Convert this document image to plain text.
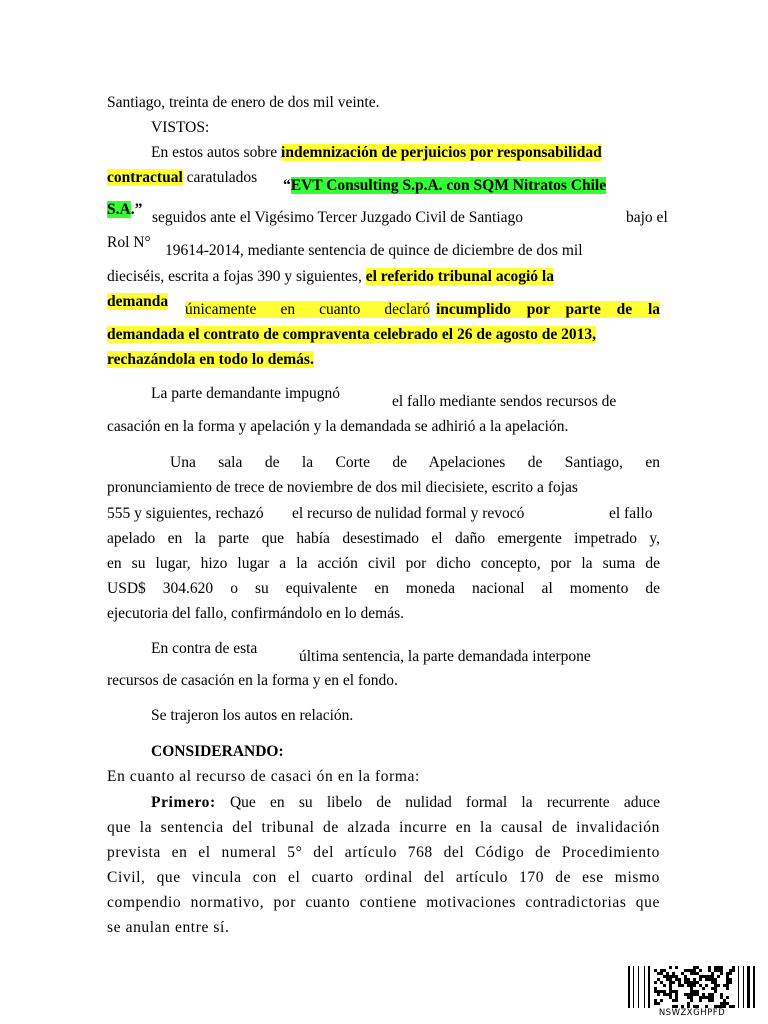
Santiago, treinta de enero de dos mil veinte.
VISTOS:
En estos autos sobre indemnización de perjuicios por responsabilidad
contractual caratulados “EVT Consulting S.p.A. con SQM Nitratos Chile
S.A.” seguidos ante el Vigésimo Tercer Juzgado Civil de Santiago	bajo el
Rol N° 19614-2014, mediante sentencia de quince de diciembre de dos mil
dieciséis, escrita a fojas 390 y siguientes, el referido tribunal acogió la
demanda únicamente en cuanto declaró incumplido por parte de la
demandada el contrato de compraventa celebrado el 26 de agosto de 2013,
rechazándola en todo lo demás.
La parte demandante impugnó	el fallo mediante sendos recursos de
casación en la forma y apelación y la demandada se adhirió a la apelación.
Una sala de la Corte de Apelaciones de Santiago, en
pronunciamiento de trece de noviembre de dos mil diecisiete, escrito a fojas
555 y siguientes, rechazó el recurso de nulidad formal y revocó	el fallo
apelado en la parte que había desestimado el daño emergente impetrado y,
en su lugar, hizo lugar a la acción civil por dicho concepto, por la suma de
USD$ 304.620 o su equivalente en moneda nacional al momento de
ejecutoria del fallo, confirmándolo en lo demás.
En contra de esta	última sentencia, la parte demandada interpone
recursos de casación en la forma y en el fondo.
Se trajeron los autos en relación.
CONSIDERANDO:
En cuanto al recurso de casaci ón en la forma:
Primero: Que en su libelo de nulidad formal la recurrente aduce
que la sentencia del tribunal de alzada incurre en la causal de invalidación
prevista en el numeral 5° del artículo 768 del Código de Procedimiento
Civil, que vincula con el cuarto ordinal del artículo 170 de ese mismo
compendio normativo, por cuanto contiene motivaciones contradictorias que
se anulan entre sí.
NSWZXGHPFD
